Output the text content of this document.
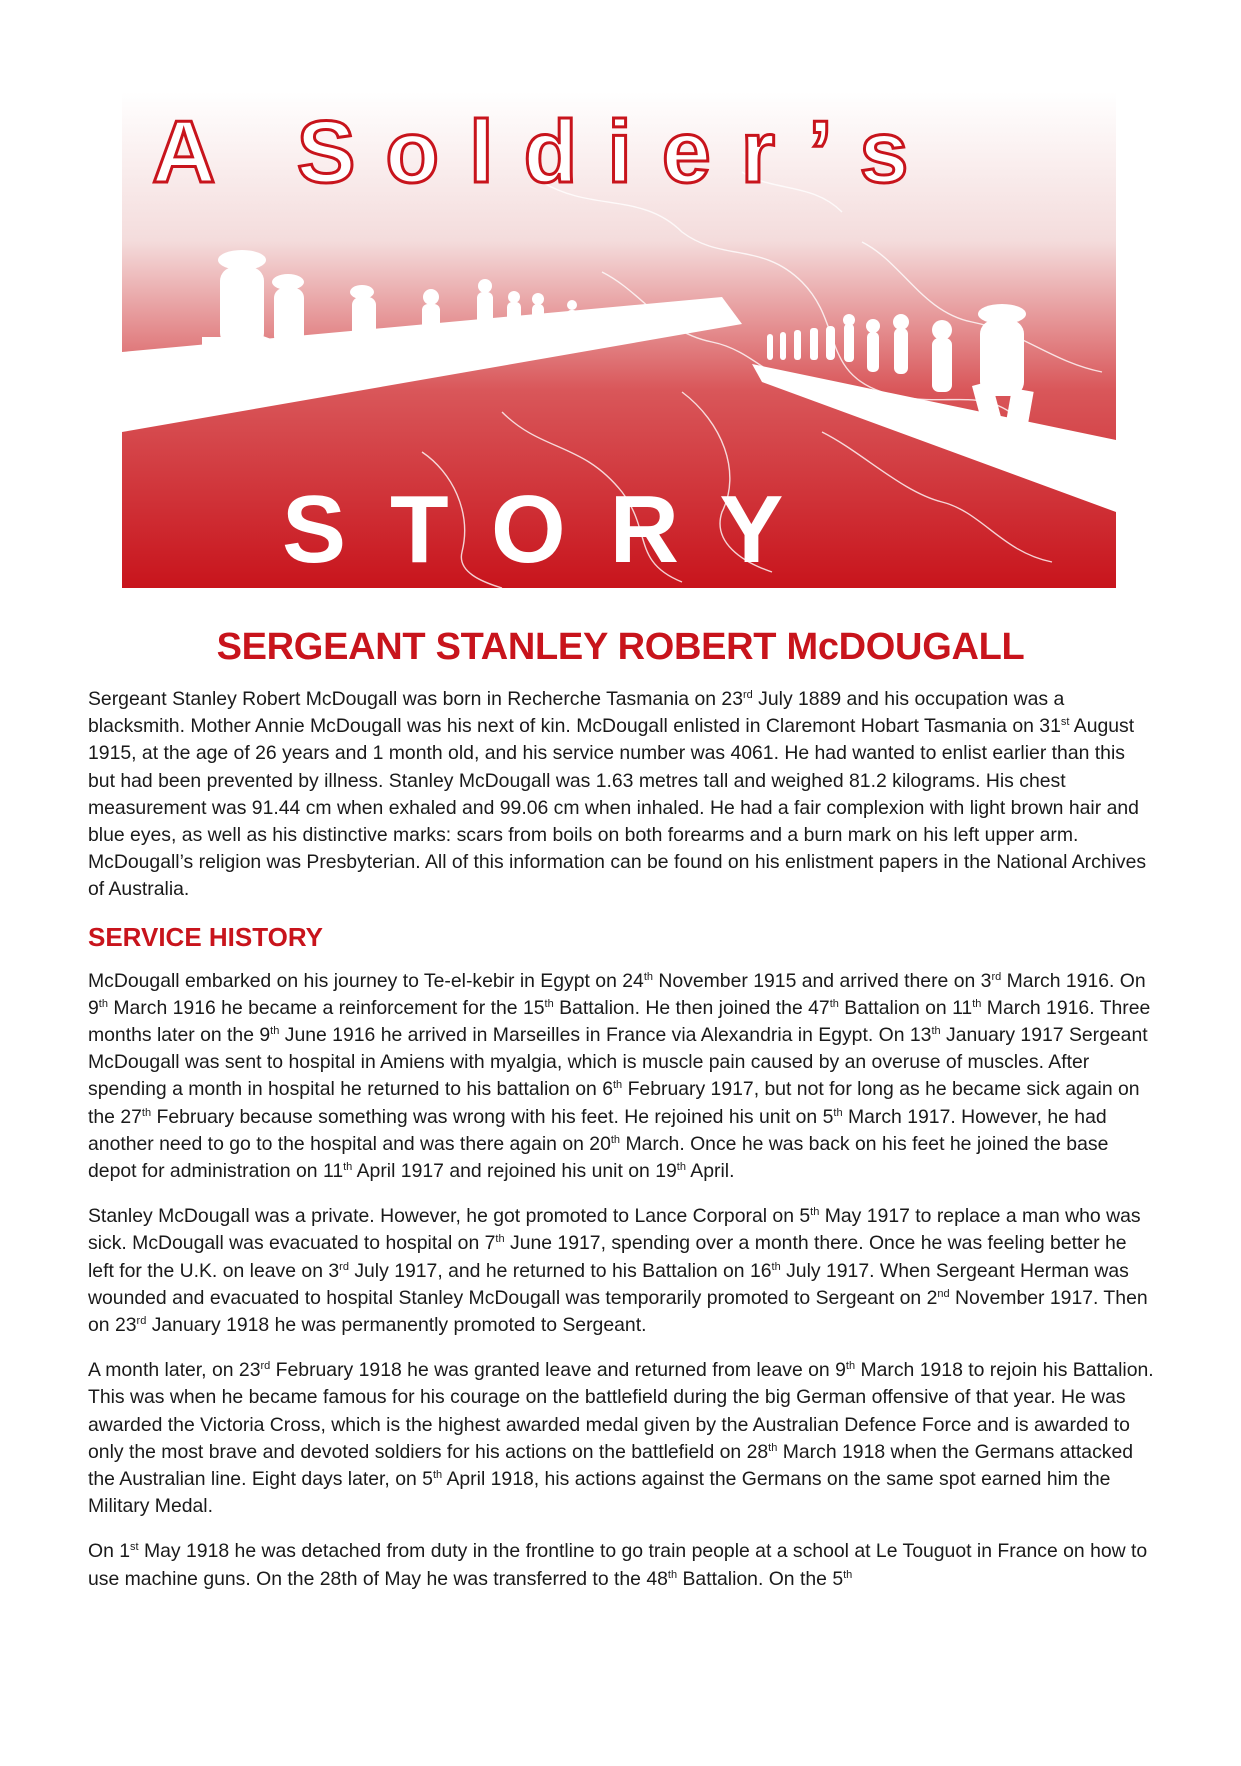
A Soldier’s
STORY
SERGEANT STANLEY ROBERT McDOUGALL

Sergeant Stanley Robert McDougall was born in Recherche Tasmania on 23rd July 1889 and his occupation was a blacksmith. Mother Annie McDougall was his next of kin. McDougall enlisted in Claremont Hobart Tasmania on 31st August 1915, at the age of 26 years and 1 month old, and his service number was 4061. He had wanted to enlist earlier than this but had been prevented by illness. Stanley McDougall was 1.63 metres tall and weighed 81.2 kilograms. His chest measurement was 91.44 cm when exhaled and 99.06 cm when inhaled. He had a fair complexion with light brown hair and blue eyes, as well as his distinctive marks: scars from boils on both forearms and a burn mark on his left upper arm. McDougall’s religion was Presbyterian. All of this information can be found on his enlistment papers in the National Archives of Australia.

SERVICE HISTORY

McDougall embarked on his journey to Te-el-kebir in Egypt on 24th November 1915 and arrived there on 3rd March 1916. On 9th March 1916 he became a reinforcement for the 15th Battalion. He then joined the 47th Battalion on 11th March 1916. Three months later on the 9th June 1916 he arrived in Marseilles in France via Alexandria in Egypt. On 13th January 1917 Sergeant McDougall was sent to hospital in Amiens with myalgia, which is muscle pain caused by an overuse of muscles. After spending a month in hospital he returned to his battalion on 6th February 1917, but not for long as he became sick again on the 27th February because something was wrong with his feet. He rejoined his unit on 5th March 1917. However, he had another need to go to the hospital and was there again on 20th March. Once he was back on his feet he joined the base depot for administration on 11th April 1917 and rejoined his unit on 19th April.

Stanley McDougall was a private. However, he got promoted to Lance Corporal on 5th May 1917 to replace a man who was sick. McDougall was evacuated to hospital on 7th June 1917, spending over a month there. Once he was feeling better he left for the U.K. on leave on 3rd July 1917, and he returned to his Battalion on 16th July 1917. When Sergeant Herman was wounded and evacuated to hospital Stanley McDougall was temporarily promoted to Sergeant on 2nd November 1917. Then on 23rd January 1918 he was permanently promoted to Sergeant.

A month later, on 23rd February 1918 he was granted leave and returned from leave on 9th March 1918 to rejoin his Battalion. This was when he became famous for his courage on the battlefield during the big German offensive of that year. He was awarded the Victoria Cross, which is the highest awarded medal given by the Australian Defence Force and is awarded to only the most brave and devoted soldiers for his actions on the battlefield on 28th March 1918 when the Germans attacked the Australian line. Eight days later, on 5th April 1918, his actions against the Germans on the same spot earned him the Military Medal.

On 1st May 1918 he was detached from duty in the frontline to go train people at a school at Le Touguot in France on how to use machine guns. On the 28th of May he was transferred to the 48th Battalion. On the 5th
